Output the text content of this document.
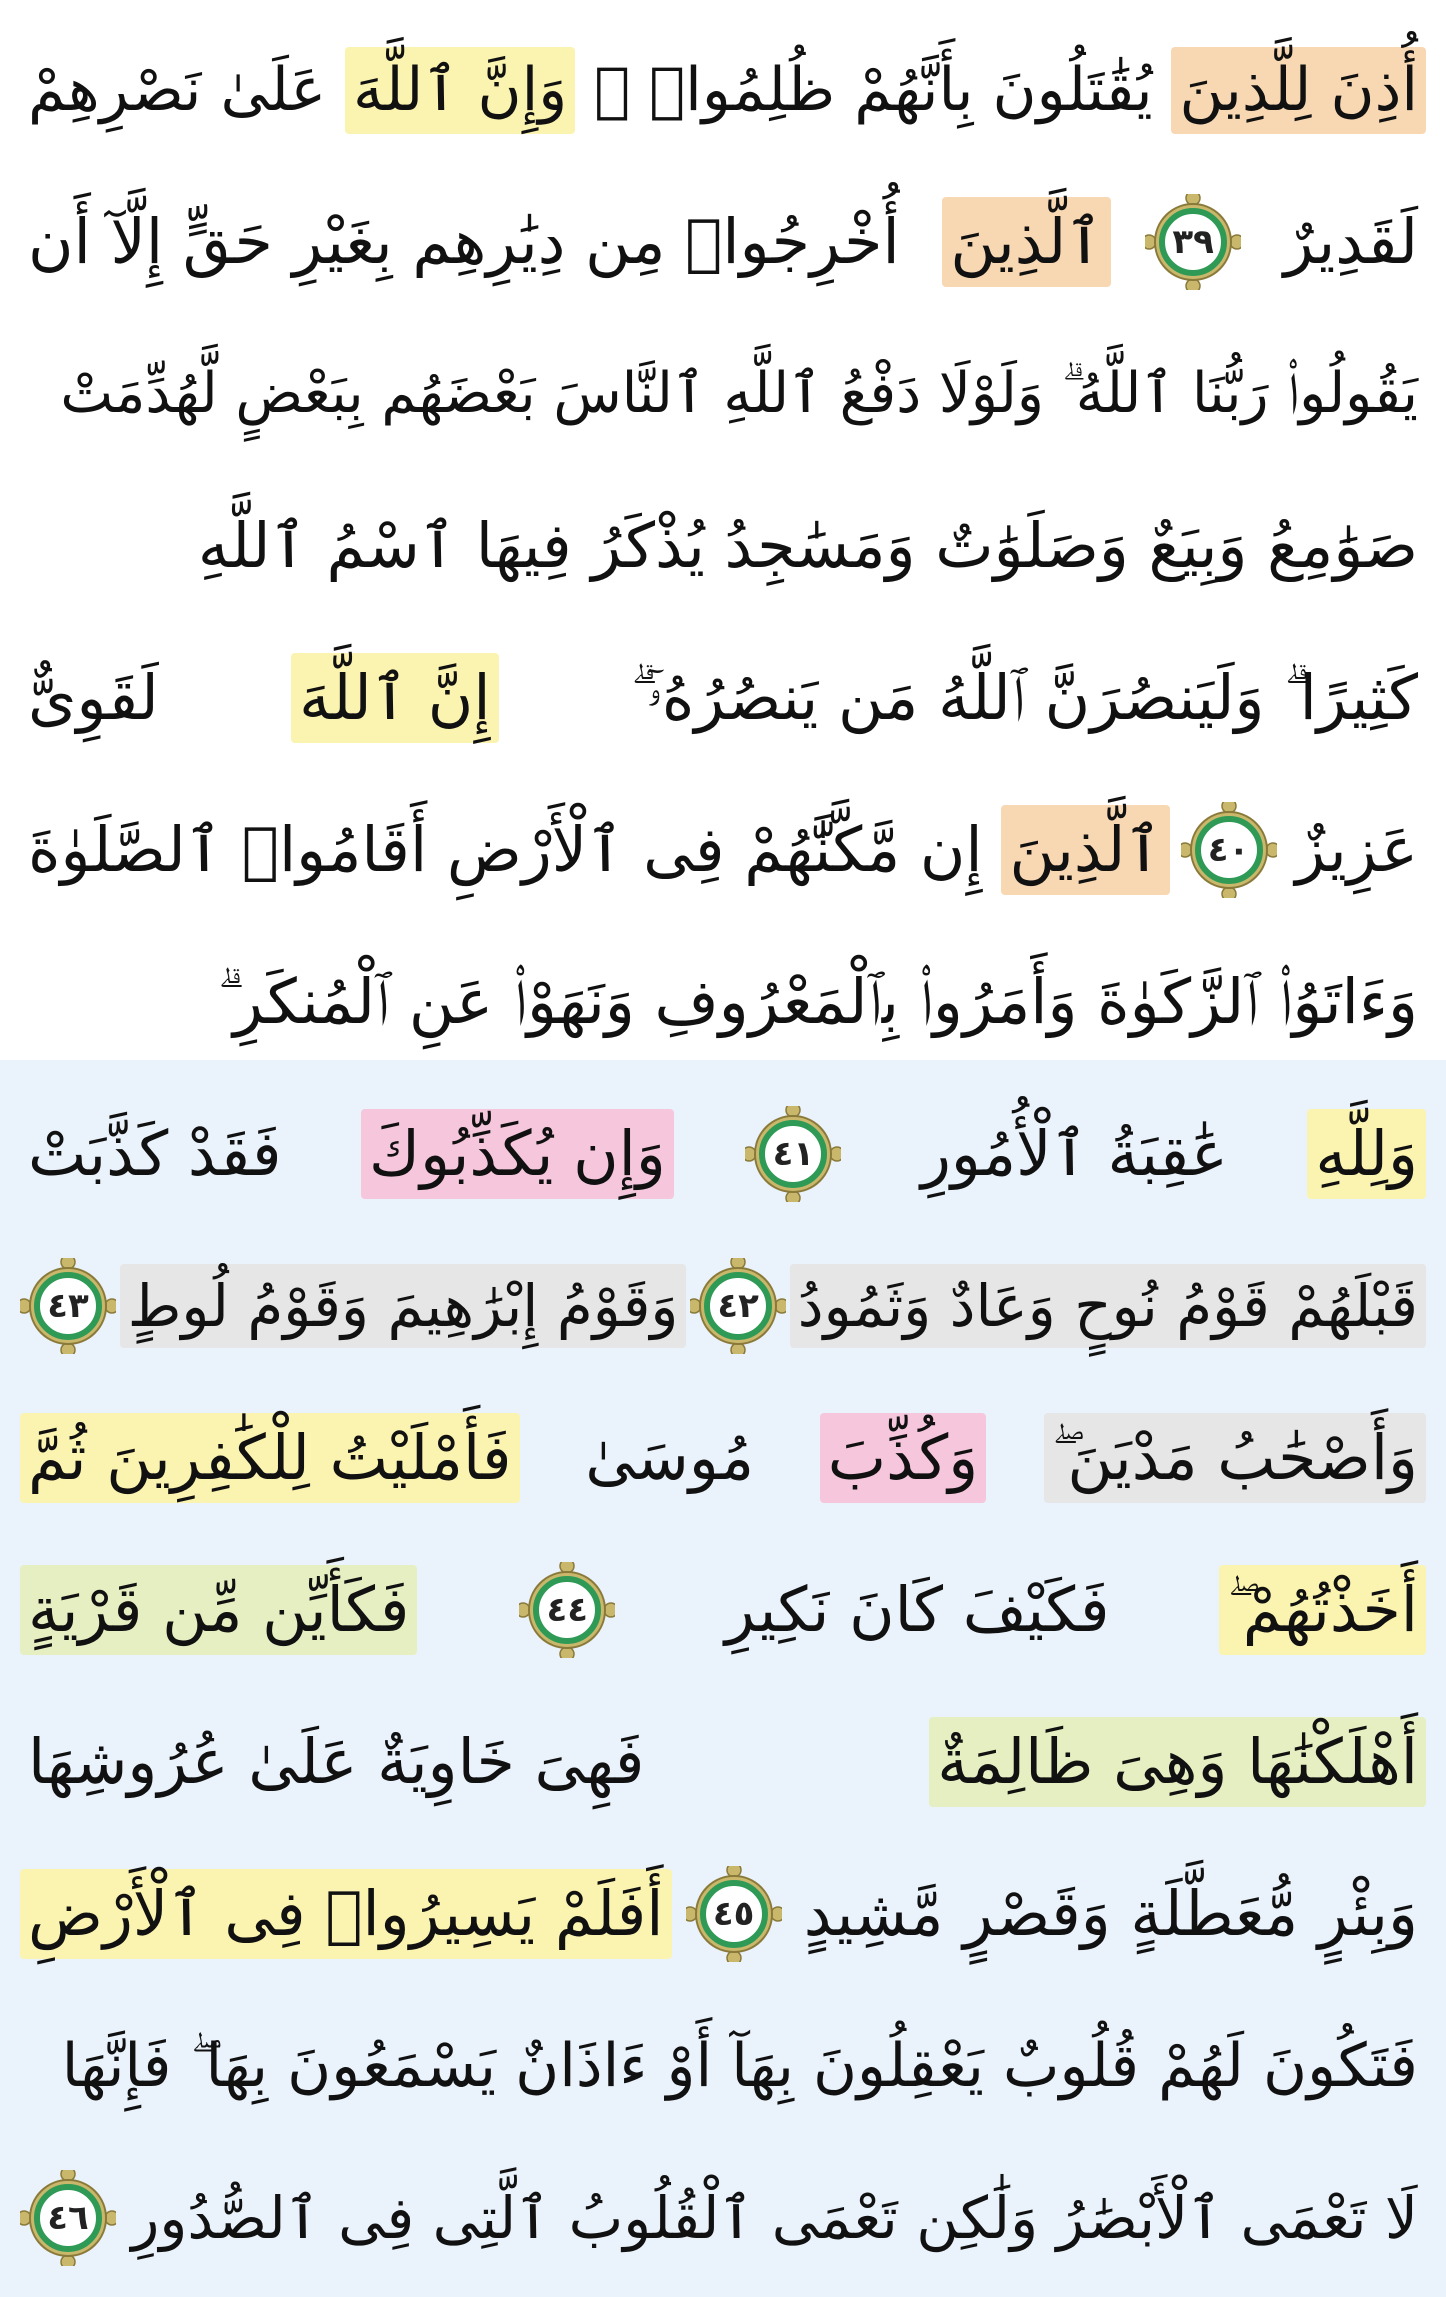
أُذِنَ لِلَّذِينَ
يُقَٰتَلُونَ بِأَنَّهُمْ ظُلِمُوا۟ ۚ
وَإِنَّ ٱللَّهَ
عَلَىٰ نَصْرِهِمْ
لَقَدِيرٌ
٣٩
ٱلَّذِينَ
أُخْرِجُوا۟ مِن دِيَٰرِهِم بِغَيْرِ حَقٍّ إِلَّآ أَن
يَقُولُوا۟ رَبُّنَا ٱللَّهُ ۗ وَلَوْلَا دَفْعُ ٱللَّهِ ٱلنَّاسَ بَعْضَهُم بِبَعْضٍ لَّهُدِّمَتْ
صَوَٰمِعُ وَبِيَعٌ وَصَلَوَٰتٌ وَمَسَٰجِدُ يُذْكَرُ فِيهَا ٱسْمُ ٱللَّهِ
كَثِيرًا ۗ وَلَيَنصُرَنَّ ٱللَّهُ مَن يَنصُرُهُۥٓ ۗ
إِنَّ ٱللَّهَ
لَقَوِىٌّ
عَزِيزٌ
٤٠
ٱلَّذِينَ
إِن مَّكَّنَّٰهُمْ فِى ٱلْأَرْضِ أَقَامُوا۟ ٱلصَّلَوٰةَ
وَءَاتَوُا۟ ٱلزَّكَوٰةَ وَأَمَرُوا۟ بِٱلْمَعْرُوفِ وَنَهَوْا۟ عَنِ ٱلْمُنكَرِ ۗ
وَلِلَّهِ
عَٰقِبَةُ ٱلْأُمُورِ
٤١
وَإِن يُكَذِّبُوكَ
فَقَدْ كَذَّبَتْ
قَبْلَهُمْ قَوْمُ نُوحٍ وَعَادٌ وَثَمُودُ
٤٢
وَقَوْمُ إِبْرَٰهِيمَ وَقَوْمُ لُوطٍ
٤٣
وَأَصْحَٰبُ مَدْيَنَ ۖ
وَكُذِّبَ
مُوسَىٰ
فَأَمْلَيْتُ لِلْكَٰفِرِينَ ثُمَّ
أَخَذْتُهُمْ ۖ
فَكَيْفَ كَانَ نَكِيرِ
٤٤
فَكَأَيِّن مِّن قَرْيَةٍ
أَهْلَكْنَٰهَا وَهِىَ ظَالِمَةٌ
فَهِىَ خَاوِيَةٌ عَلَىٰ عُرُوشِهَا
وَبِئْرٍ مُّعَطَّلَةٍ وَقَصْرٍ مَّشِيدٍ
٤٥
أَفَلَمْ يَسِيرُوا۟ فِى ٱلْأَرْضِ
فَتَكُونَ لَهُمْ قُلُوبٌ يَعْقِلُونَ بِهَآ أَوْ ءَاذَانٌ يَسْمَعُونَ بِهَا ۖ فَإِنَّهَا
لَا تَعْمَى ٱلْأَبْصَٰرُ وَلَٰكِن تَعْمَى ٱلْقُلُوبُ ٱلَّتِى فِى ٱلصُّدُورِ
٤٦
